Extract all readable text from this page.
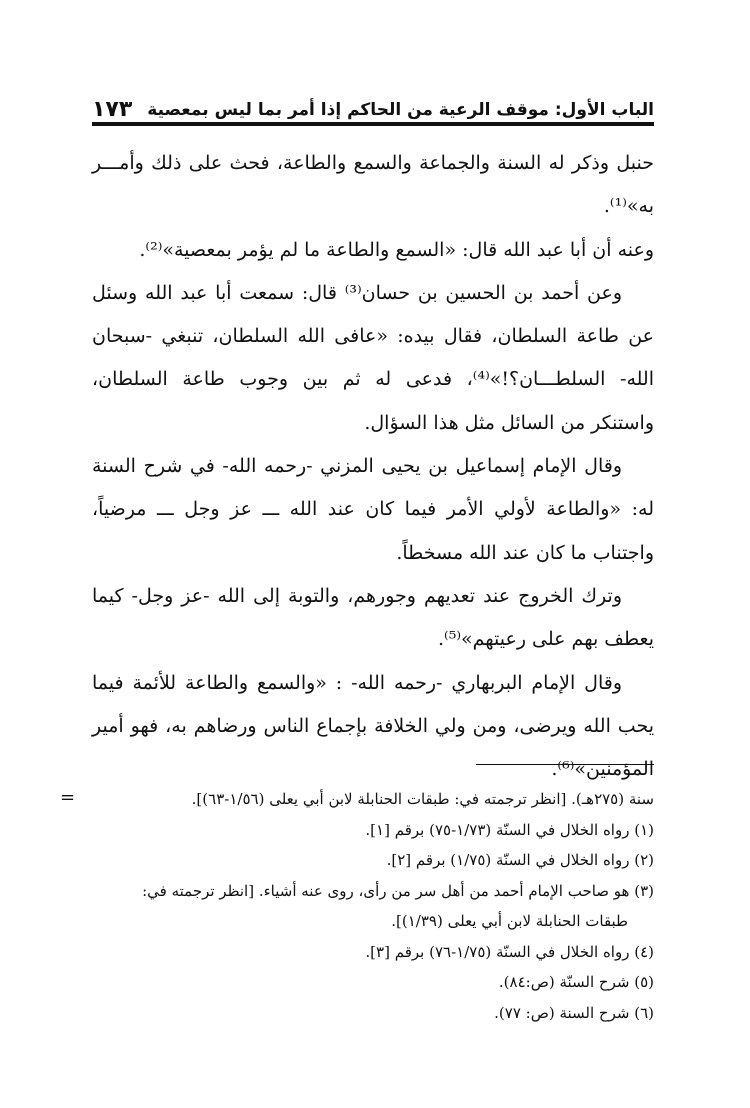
الباب الأول: موقف الرعية من الحاكم إذا أمر بما ليس بمعصية
١٧٣

حنبل وذكر له السنة والجماعة والسمع والطاعة، فحث على ذلك وأمـــر به»⁽¹⁾.

وعنه أن أبا عبد الله قال: «السمع والطاعة ما لم يؤمر بمعصية»⁽²⁾.

وعن أحمد بن الحسين بن حسان⁽³⁾ قال: سمعت أبا عبد الله وسئل عن طاعة السلطان، فقال بيده: «عافى الله السلطان، تنبغي -سبحان الله- السلطـــان؟!»⁽⁴⁾، فدعى له ثم بين وجوب طاعة السلطان، واستنكر من السائل مثل هذا السؤال.

وقال الإمام إسماعيل بن يحيى المزني -رحمه الله- في شرح السنة له: «والطاعة لأولي الأمر فيما كان عند الله ـــ عز وجل ـــ مرضياً، واجتناب ما كان عند الله مسخطاً.

وترك الخروج عند تعديهم وجورهم، والتوبة إلى الله -عز وجل- كيما يعطف بهم على رعيتهم»⁽⁵⁾.

وقال الإمام البربهاري -رحمه الله- : «والسمع والطاعة للأئمة فيما يحب الله ويرضى، ومن ولي الخلافة بإجماع الناس ورضاهم به، فهو أمير المؤمنين»⁽⁶⁾.

=	سنة (٢٧٥هـ). [انظر ترجمته في: طبقات الحنابلة لابن أبي يعلى (١/٥٦-٦٣)].

(١) رواه الخلال في السنّة (١/٧٣-٧٥) برقم [١].

(٢) رواه الخلال في السنّة (١/٧٥) برقم [٢].

(٣) هو صاحب الإمام أحمد من أهل سر من رأى، روى عنه أشياء. [انظر ترجمته في:

طبقات الحنابلة لابن أبي يعلى (١/٣٩)].

(٤) رواه الخلال في السنّة (١/٧٥-٧٦) برقم [٣].

(٥) شرح السنّة (ص:٨٤).

(٦) شرح السنة (ص: ٧٧).
